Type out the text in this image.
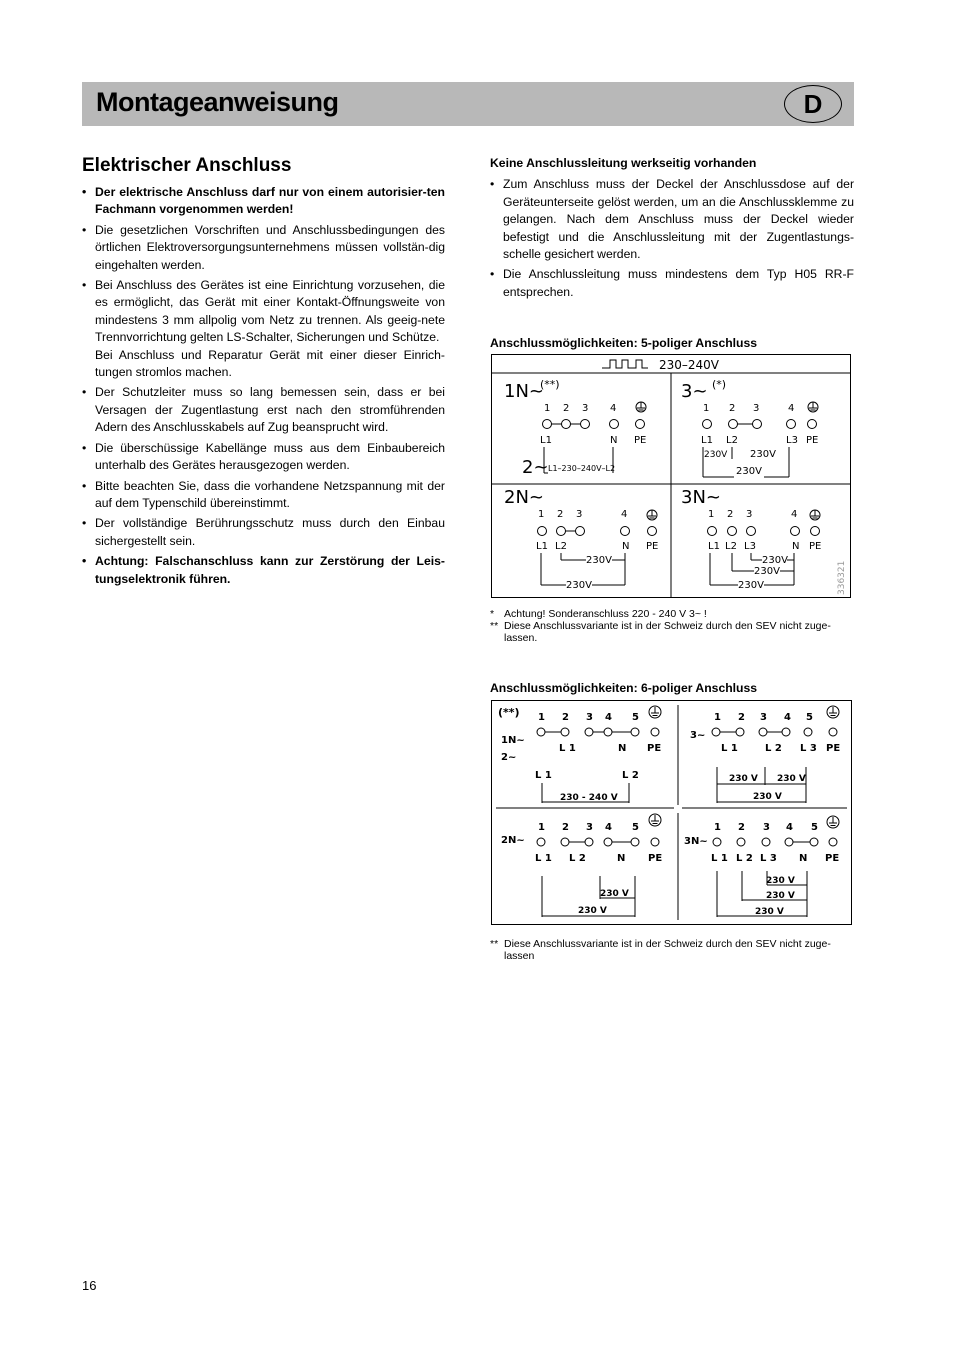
Montageanweisung	D
Elektrischer Anschluss
• Der elektrische Anschluss darf nur von einem autorisier-ten Fachmann vorgenommen werden!
• Die gesetzlichen Vorschriften und Anschlussbedingungen des örtlichen Elektroversorgungsunternehmens müssen vollstän-dig eingehalten werden.
• Bei Anschluss des Gerätes ist eine Einrichtung vorzusehen, die es ermöglicht, das Gerät mit einer Kontakt-Öffnungsweite von mindestens 3 mm allpolig vom Netz zu trennen. Als geeig-nete Trennvorrichtung gelten LS-Schalter, Sicherungen und Schütze.
Bei Anschluss und Reparatur Gerät mit einer dieser Einrich-tungen stromlos machen.
• Der Schutzleiter muss so lang bemessen sein, dass er bei Versagen der Zugentlastung erst nach den stromführenden Adern des Anschlusskabels auf Zug beansprucht wird.
• Die überschüssige Kabellänge muss aus dem Einbaubereich unterhalb des Gerätes herausgezogen werden.
• Bitte beachten Sie, dass die vorhandene Netzspannung mit der auf dem Typenschild übereinstimmt.
• Der vollständige Berührungsschutz muss durch den Einbau sichergestellt sein.
• Achtung: Falschanschluss kann zur Zerstörung der Leis-tungselektronik führen.
Keine Anschlussleitung werkseitig vorhanden
• Zum Anschluss muss der Deckel der Anschlussdose auf der Geräteunterseite gelöst werden, um an die Anschlussklemme zu gelangen. Nach dem Anschluss muss der Deckel wieder befestigt und die Anschlussleitung mit der Zugentlastungs-schelle gesichert werden.
• Die Anschlussleitung muss mindestens dem Typ H05 RR-F entsprechen.
Anschlussmöglichkeiten: 5-poliger Anschluss
230–240V
1N~
(**)
1 2 3 4
L1	N PE
2~ L1–230–240V–L2
3~ (*)
1 2 3	4
L1 L2	L3 PE
230V 230V
230V
2N~
1 2 3	4
L1 L2	N PE
230V
230V
3N~
1 2 3	4
L1 L2 L3	N PE
230V
230V
230V	336321
* Achtung! Sonderanschluss 220 - 240 V 3~ !
** Diese Anschlussvariante ist in der Schweiz durch den SEV nicht zuge-lassen.
Anschlussmöglichkeiten: 6-poliger Anschluss
(**) 1 2 3 4 5
1N~
2~
L 1	N PE
L 1	L 2
230 - 240 V
1 2 3 4 5
3~
L 1	L 2 L 3 PE
230 V 230 V
230 V
1 2 3 4 5
2N~
L 1 L 2	N PE
230 V
230 V
1 2 3 4 5
3N~
L 1 L 2 L 3 N PE
230 V
230 V
230 V
** Diese Anschlussvariante ist in der Schweiz durch den SEV nicht zuge-lassen
16
